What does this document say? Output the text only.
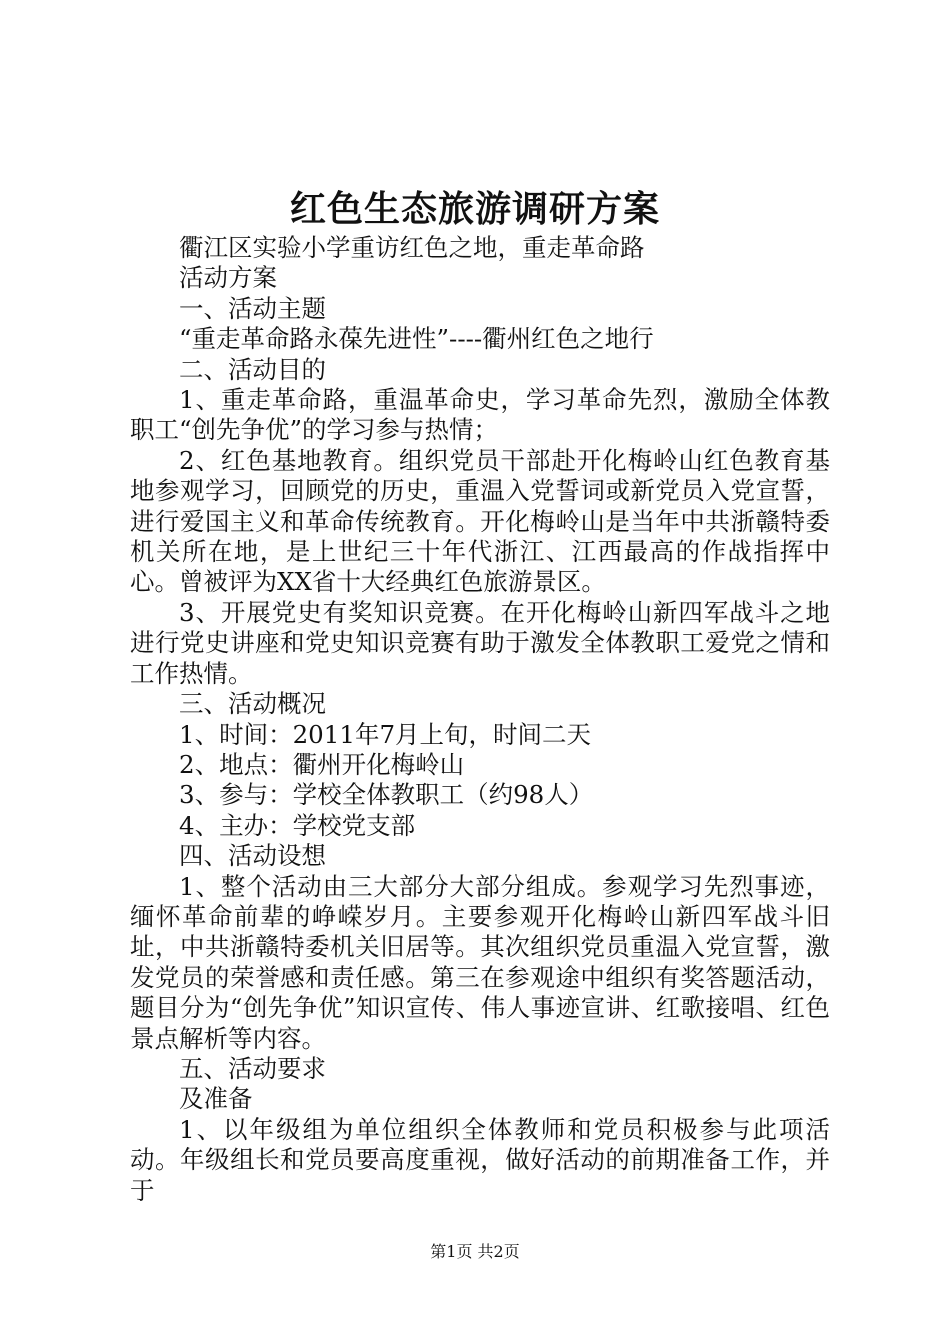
红色生态旅游调研方案

衢江区实验小学重访红色之地，重走革命路

活动方案

一、活动主题

“重走革命路永葆先进性”----衢州红色之地行

二、活动目的

1、重走革命路，重温革命史，学习革命先烈，激励全体教职工“创先争优”的学习参与热情；

2、红色基地教育。组织党员干部赴开化梅岭山红色教育基地参观学习，回顾党的历史，重温入党誓词或新党员入党宣誓，进行爱国主义和革命传统教育。开化梅岭山是当年中共浙赣特委机关所在地，是上世纪三十年代浙江、江西最高的作战指挥中心。曾被评为XX省十大经典红色旅游景区。

3、开展党史有奖知识竞赛。在开化梅岭山新四军战斗之地进行党史讲座和党史知识竞赛有助于激发全体教职工爱党之情和工作热情。

三、活动概况

1、时间：2011年7月上旬，时间二天

2、地点：衢州开化梅岭山

3、参与：学校全体教职工（约98人）

4、主办：学校党支部

四、活动设想

1、整个活动由三大部分大部分组成。参观学习先烈事迹，缅怀革命前辈的峥嵘岁月。主要参观开化梅岭山新四军战斗旧址，中共浙赣特委机关旧居等。其次组织党员重温入党宣誓，激发党员的荣誉感和责任感。第三在参观途中组织有奖答题活动，题目分为“创先争优”知识宣传、伟人事迹宣讲、红歌接唱、红色景点解析等内容。

五、活动要求

及准备

1、以年级组为单位组织全体教师和党员积极参与此项活动。年级组长和党员要高度重视，做好活动的前期准备工作，并于

第1页 共2页
